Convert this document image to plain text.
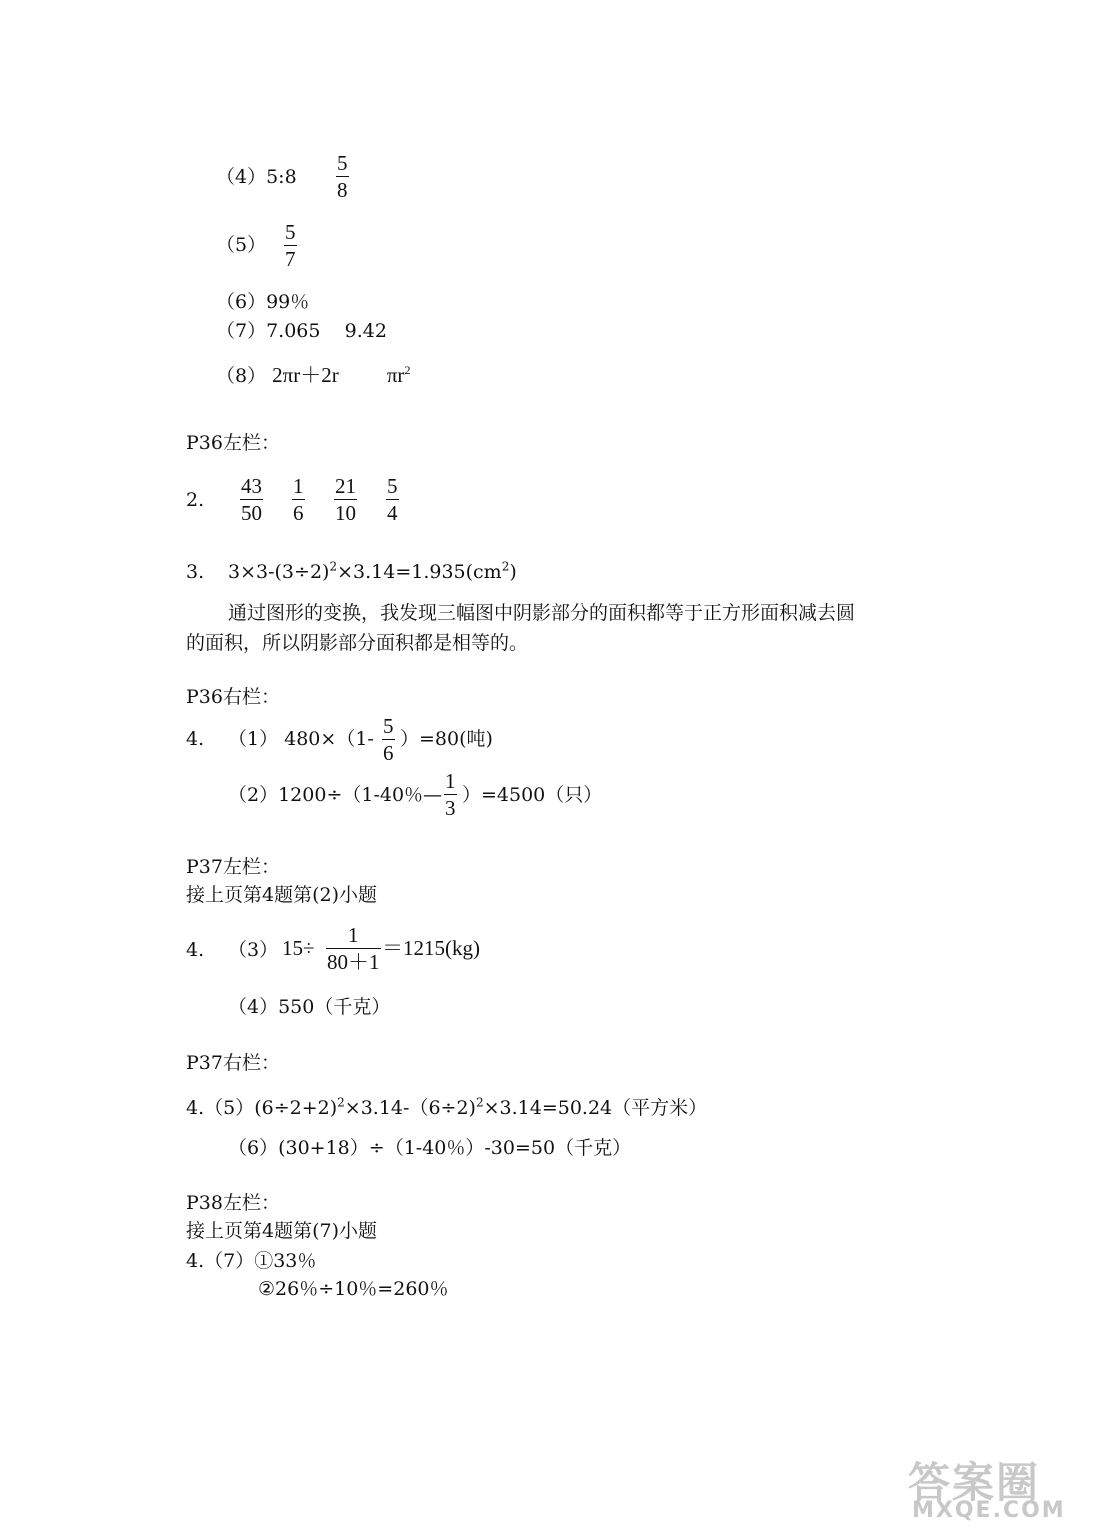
（4）5:8 $\frac{5}{8}$
$(5) \frac{5}{7}$
（6）99％
（7）7.065    9.42
（8） 2πr＋2r $\pi r^2$
P36左栏：
2. $\frac{43}{50} \frac{1}{6} \frac{21}{10} \frac{5}{4}$
3. $3\times 3-(3\div 2)^2\times 3.14=1.935(cm^2)$
通过图形的变换，我发现三幅图中阴影部分的面积都等于正方形面积减去圆
的面积，所以阴影部分面积都是相等的。
P36右栏：
4. （1） $480\times(1- \frac{5}{6} )=80$(吨)
（2）1200÷（1-40％— $\frac{1}{3} )=4500$（只）
P37左栏：
接上页第4题第(2)小题
4. （3） $15\div \frac{1}{80+1} =1215(kg)$
（4）550（千克）
P37右栏：
$4.(5)(6\div 2+2)^2\times 3.14-(6\div 2)^2\times 3.14=50.24$（平方米）
（6）(30+18）÷（1-40％）-30=50（千克）
P38左栏：
接上页第4题第(7)小题
4.（7）①33％
②26％÷10％=260％
答案圈
MXQE.COM
